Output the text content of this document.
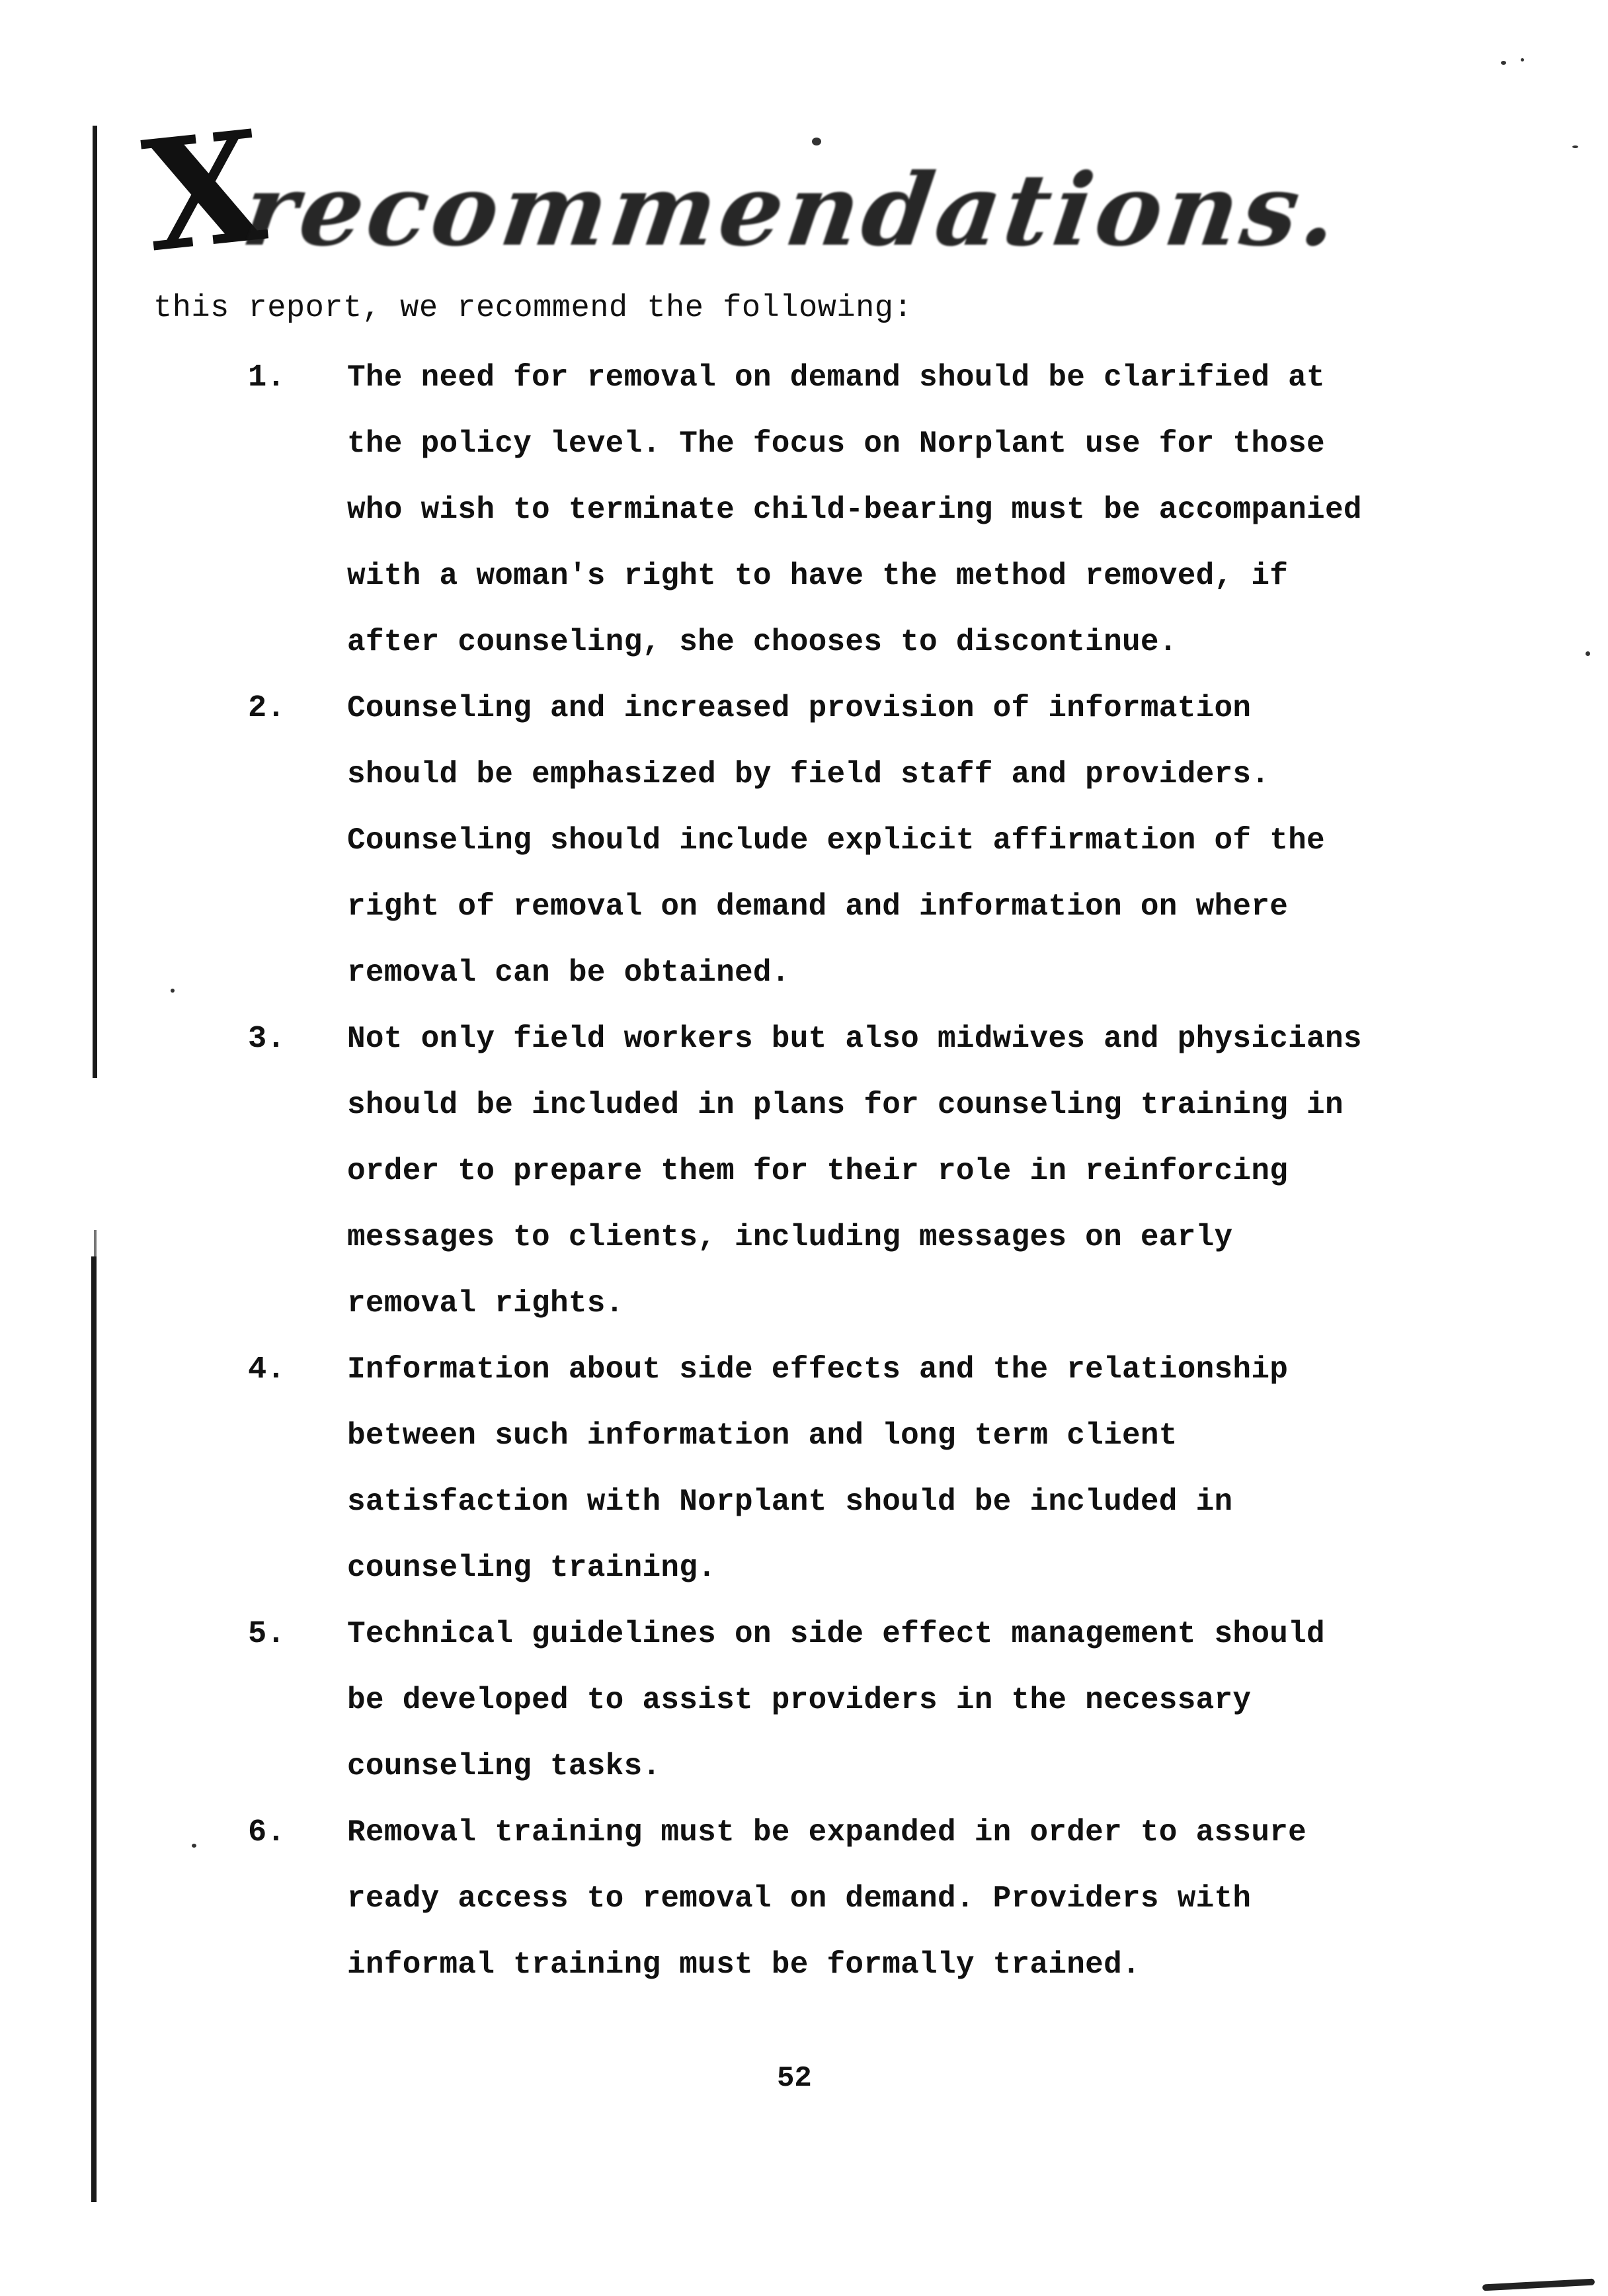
X
recommendations.
this report, we recommend the following:
1. The need for removal on demand should be clarified at
the policy level. The focus on Norplant use for those
who wish to terminate child-bearing must be accompanied
with a woman's right to have the method removed, if
after counseling, she chooses to discontinue.
2. Counseling and increased provision of information
should be emphasized by field staff and providers.
Counseling should include explicit affirmation of the
right of removal on demand and information on where
removal can be obtained.
3. Not only field workers but also midwives and physicians
should be included in plans for counseling training in
order to prepare them for their role in reinforcing
messages to clients, including messages on early
removal rights.
4. Information about side effects and the relationship
between such information and long term client
satisfaction with Norplant should be included in
counseling training.
5. Technical guidelines on side effect management should
be developed to assist providers in the necessary
counseling tasks.
6. Removal training must be expanded in order to assure
ready access to removal on demand. Providers with
informal training must be formally trained.
52
